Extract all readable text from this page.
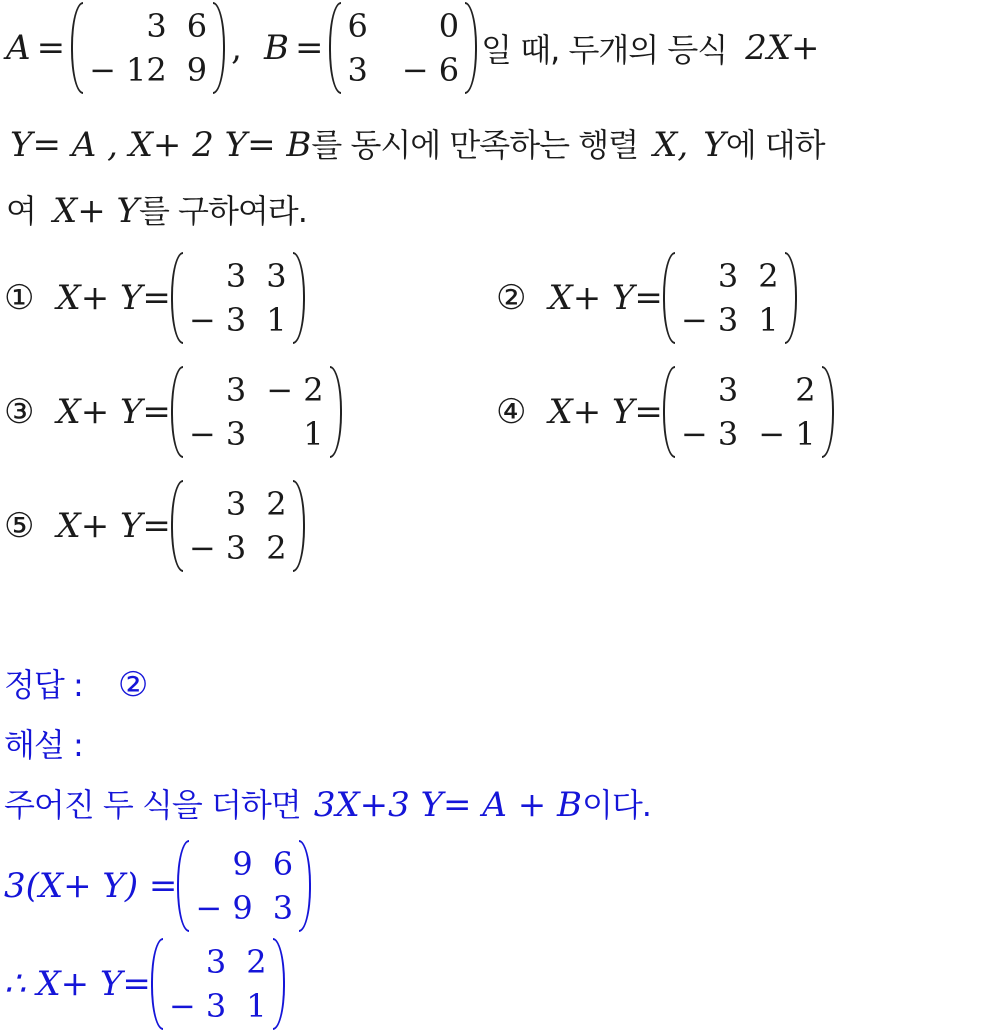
A =
3 6
− 12 9
, B =
6	0
3 − 6
일 때, 두개의 등식 2X+
Y= A , X+ 2 Y= B를 동시에 만족하는 행렬 X, Y에 대하
여 X+ Y를 구하여라.
① X+ Y=
3 3
− 3 1
② X+ Y=
3 2
− 3 1
③ X+ Y=
3 − 2
− 3	1
④ X+ Y=
3	2
− 3 − 1
⑤ X+ Y=
3 2
− 3 2
정답 : ②
해설 :
주어진 두 식을 더하면 3X+3 Y= A + B이다.
3(X+ Y) =
9 6
− 9 3
∴ X+ Y=
3 2
− 3 1
